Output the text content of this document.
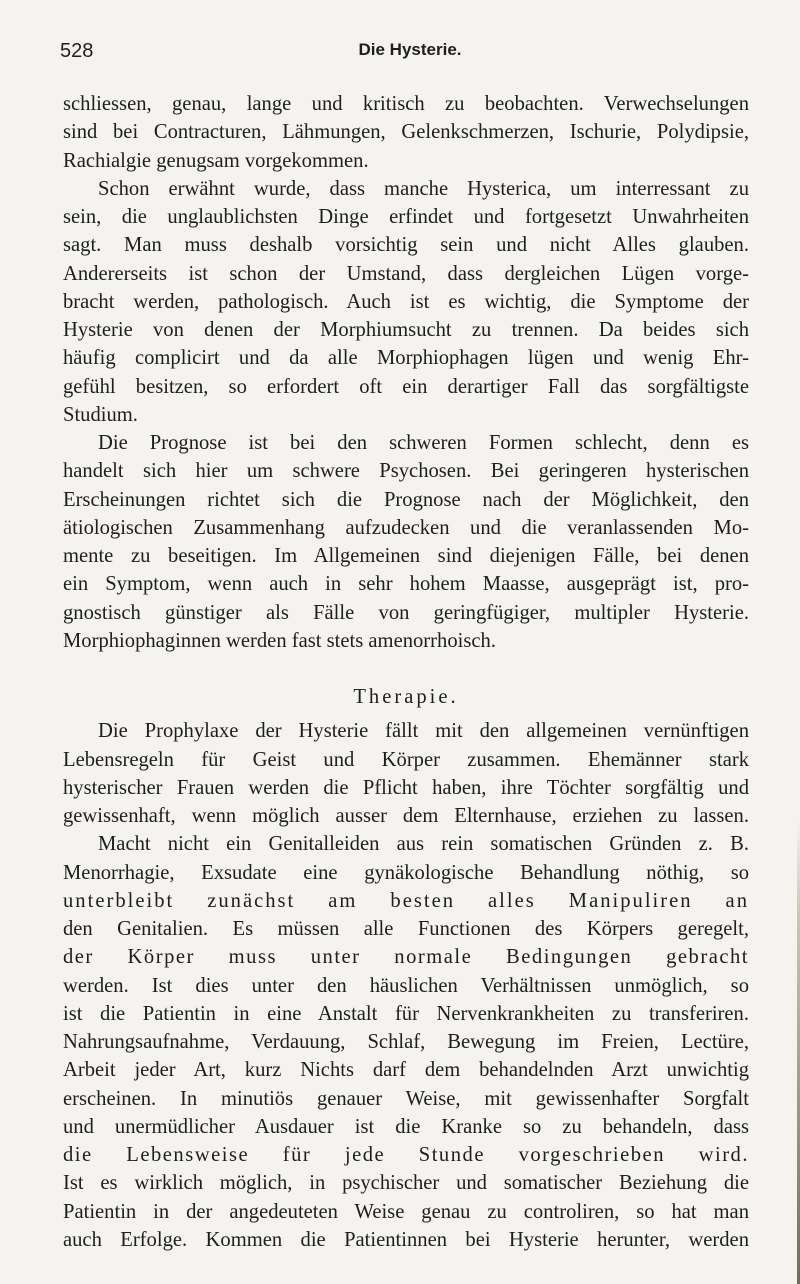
528	Die Hysterie.
schliessen, genau, lange und kritisch zu beobachten. Verwechselungen
sind bei Contracturen, Lähmungen, Gelenkschmerzen, Ischurie, Polydipsie,
Rachialgie genugsam vorgekommen.
Schon erwähnt wurde, dass manche Hysterica, um interressant zu
sein, die unglaublichsten Dinge erfindet und fortgesetzt Unwahrheiten
sagt. Man muss deshalb vorsichtig sein und nicht Alles glauben.
Andererseits ist schon der Umstand, dass dergleichen Lügen vorge-
bracht werden, pathologisch. Auch ist es wichtig, die Symptome der
Hysterie von denen der Morphiumsucht zu trennen. Da beides sich
häufig complicirt und da alle Morphiophagen lügen und wenig Ehr-
gefühl besitzen, so erfordert oft ein derartiger Fall das sorgfältigste
Studium.
Die Prognose ist bei den schweren Formen schlecht, denn es
handelt sich hier um schwere Psychosen. Bei geringeren hysterischen
Erscheinungen richtet sich die Prognose nach der Möglichkeit, den
ätiologischen Zusammenhang aufzudecken und die veranlassenden Mo-
mente zu beseitigen. Im Allgemeinen sind diejenigen Fälle, bei denen
ein Symptom, wenn auch in sehr hohem Maasse, ausgeprägt ist, pro-
gnostisch günstiger als Fälle von geringfügiger, multipler Hysterie.
Morphiophaginnen werden fast stets amenorrhoisch.
Therapie.
Die Prophylaxe der Hysterie fällt mit den allgemeinen vernünftigen
Lebensregeln für Geist und Körper zusammen. Ehemänner stark
hysterischer Frauen werden die Pflicht haben, ihre Töchter sorgfältig und
gewissenhaft, wenn möglich ausser dem Elternhause, erziehen zu lassen.
Macht nicht ein Genitalleiden aus rein somatischen Gründen z. B.
Menorrhagie, Exsudate eine gynäkologische Behandlung nöthig, so
unterbleibt zunächst am besten alles Manipuliren an
den Genitalien. Es müssen alle Functionen des Körpers geregelt,
der Körper muss unter normale Bedingungen gebracht
werden. Ist dies unter den häuslichen Verhältnissen unmöglich, so
ist die Patientin in eine Anstalt für Nervenkrankheiten zu transferiren.
Nahrungsaufnahme, Verdauung, Schlaf, Bewegung im Freien, Lectüre,
Arbeit jeder Art, kurz Nichts darf dem behandelnden Arzt unwichtig
erscheinen. In minutiös genauer Weise, mit gewissenhafter Sorgfalt
und unermüdlicher Ausdauer ist die Kranke so zu behandeln, dass
die Lebensweise für jede Stunde vorgeschrieben wird.
Ist es wirklich möglich, in psychischer und somatischer Beziehung die
Patientin in der angedeuteten Weise genau zu controliren, so hat man
auch Erfolge. Kommen die Patientinnen bei Hysterie herunter, werden
